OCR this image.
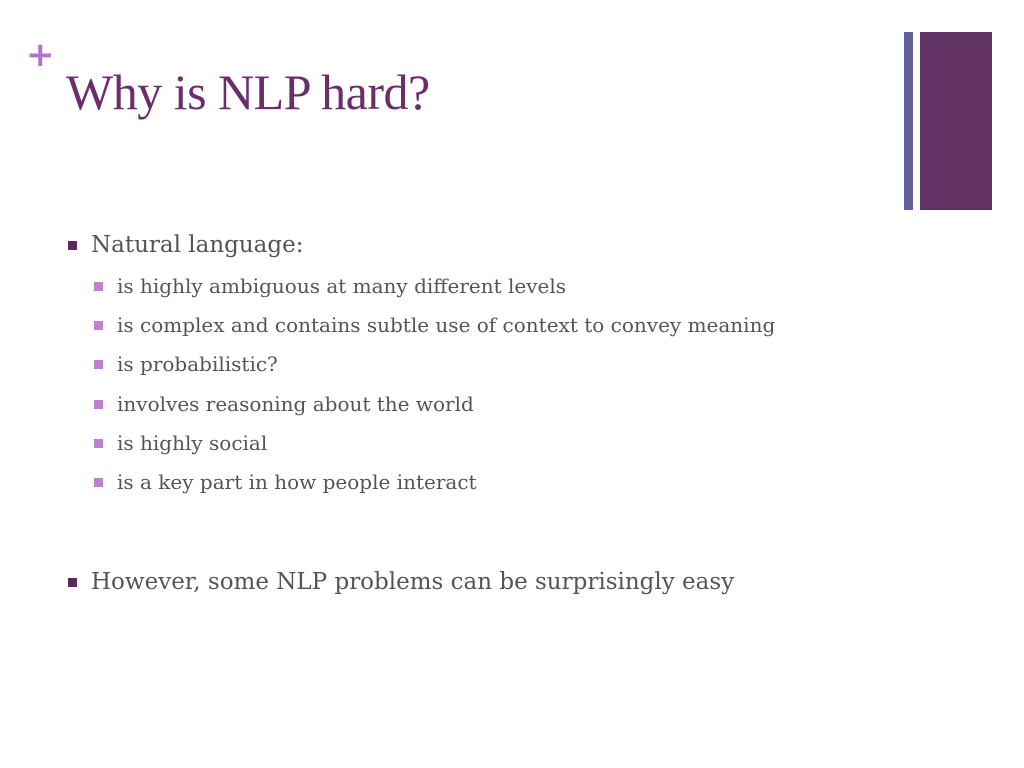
+
Why is NLP hard?
Natural language:
is highly ambiguous at many different levels
is complex and contains subtle use of context to convey meaning
is probabilistic?
involves reasoning about the world
is highly social
is a key part in how people interact
However, some NLP problems can be surprisingly easy
